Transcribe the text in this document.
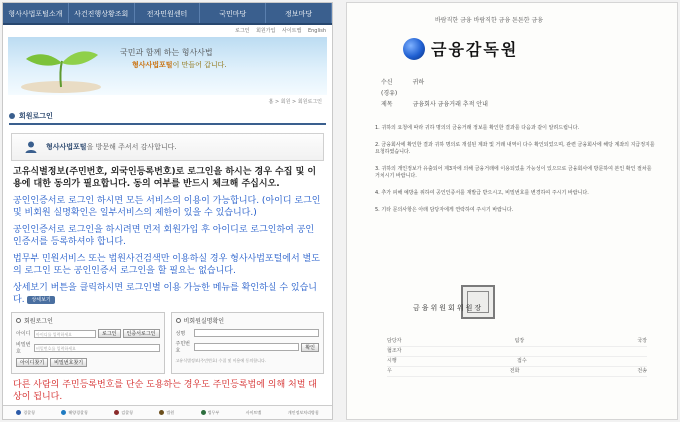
형사사법포털소개	사건진행상황조회	전자민원센터	국민마당	정보마당
로그인 회원가입 사이트맵 English
국민과 함께 하는 형사사법
형사사법포털이 만들어 갑니다.
홈 > 회원 > 회원로그인
회원로그인
형사사법포털을 방문해 주셔서 감사합니다.
고유식별정보(주민번호, 외국인등록번호)로 로그인을 하시는 경우 수집 및 이용에 대한 동의가 필요합니다. 동의 여부를 반드시 체크해 주십시오.
공인인증서로 로그인 하시면 모든 서비스의 이용이 가능합니다. (아이디 로그인 및 비회원 실명확인은 일부서비스의 제한이 있을 수 있습니다.)
공인인증서로 로그인을 하시려면 먼저 회원가입 후 아이디로 로그인하여 공인인증서를 등록하셔야 합니다.
법무부 민원서비스 또는 법원사건검색만 이용하실 경우 형사사법포털에서 별도의 로그인 또는 공인인증서 로그인을 할 필요는 없습니다.
상세보기 버튼을 클릭하시면 로그인별 이용 가능한 메뉴를 확인하실 수 있습니다. 상세보기
회원로그인
아이디	아이디를 입력하세요	로그인	인증서로그인
비밀번호
비밀번호를 입력하세요
아이디찾기	비밀번호찾기
비회원실명확인
성명
주민번호
확인
고유식별정보(주민번호) 수집 및 이용에 동의합니다.
다른 사람의 주민등록번호를 단순 도용하는 경우도 주민등록법에 의해 처벌 대상이 됩니다.
경찰청	해양경찰청	검찰청	법원	법무부	사이트맵	개인정보처리방침
바람직한 금융 바람직한 금융 튼튼한 금융
금융감독원
수신	귀하
(경유)
제목	금융회사 금융거래 추적 안내
1. 귀하의 요청에 따라 귀하 명의의 금융거래 정보를 확인한 결과를 다음과 같이 알려드립니다.
2. 금융회사에 확인한 결과 귀하 명의로 개설된 계좌 및 거래 내역이 다수 확인되었으며, 관련 금융회사에 해당 계좌의 지급정지를 요청하였습니다.
3. 귀하의 개인정보가 유출되어 제3자에 의해 금융거래에 이용되었을 가능성이 있으므로 금융회사에 방문하여 본인 확인 절차를 거치시기 바랍니다.
4. 추가 피해 예방을 위하여 공인인증서를 재발급 받으시고, 비밀번호를 변경하여 주시기 바랍니다.
5. 기타 문의사항은 아래 담당자에게 연락하여 주시기 바랍니다.
금융위원회위원장
담당자	팀장	국장
협조자
시행	접수
우	전화	전송
